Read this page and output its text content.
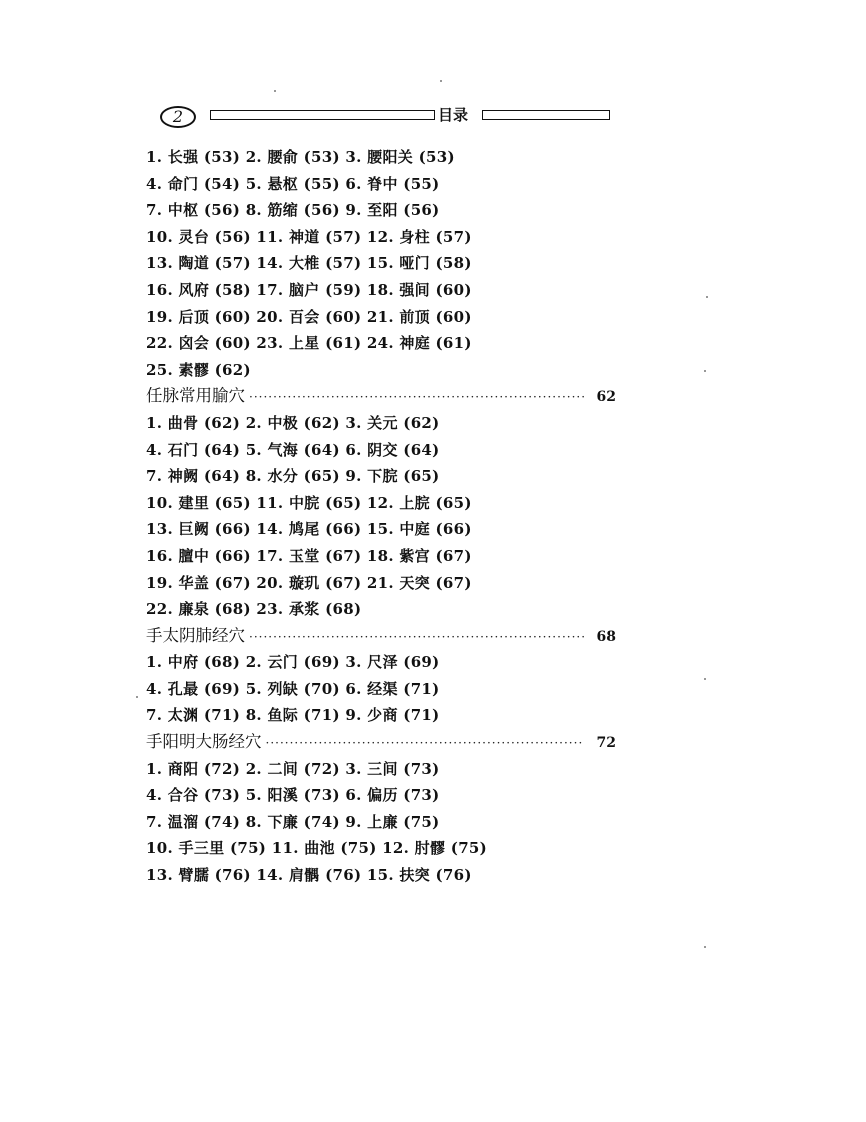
2	目录
1. 长强 (53) 2. 腰俞 (53) 3. 腰阳关 (53)
4. 命门 (54) 5. 悬枢 (55) 6. 脊中 (55)
7. 中枢 (56) 8. 筋缩 (56) 9. 至阳 (56)
10. 灵台 (56) 11. 神道 (57) 12. 身柱 (57)
13. 陶道 (57) 14. 大椎 (57) 15. 哑门 (58)
16. 风府 (58) 17. 脑户 (59) 18. 强间 (60)
19. 后顶 (60) 20. 百会 (60) 21. 前顶 (60)
22. 囟会 (60) 23. 上星 (61) 24. 神庭 (61)
25. 素髎 (62)
任脉常用腧穴 ·····	62
1. 曲骨 (62) 2. 中极 (62) 3. 关元 (62)
4. 石门 (64) 5. 气海 (64) 6. 阴交 (64)
7. 神阙 (64) 8. 水分 (65) 9. 下脘 (65)
10. 建里 (65) 11. 中脘 (65) 12. 上脘 (65)
13. 巨阙 (66) 14. 鸠尾 (66) 15. 中庭 (66)
16. 膻中 (66) 17. 玉堂 (67) 18. 紫宫 (67)
19. 华盖 (67) 20. 璇玑 (67) 21. 天突 (67)
22. 廉泉 (68) 23. 承浆 (68)
手太阴肺经穴 ·····	68
1. 中府 (68) 2. 云门 (69) 3. 尺泽 (69)
4. 孔最 (69) 5. 列缺 (70) 6. 经渠 (71)
7. 太渊 (71) 8. 鱼际 (71) 9. 少商 (71)
手阳明大肠经穴 ·····	72
1. 商阳 (72) 2. 二间 (72) 3. 三间 (73)
4. 合谷 (73) 5. 阳溪 (73) 6. 偏历 (73)
7. 温溜 (74) 8. 下廉 (74) 9. 上廉 (75)
10. 手三里 (75) 11. 曲池 (75) 12. 肘髎 (75)
13. 臂臑 (76) 14. 肩髃 (76) 15. 扶突 (76)
